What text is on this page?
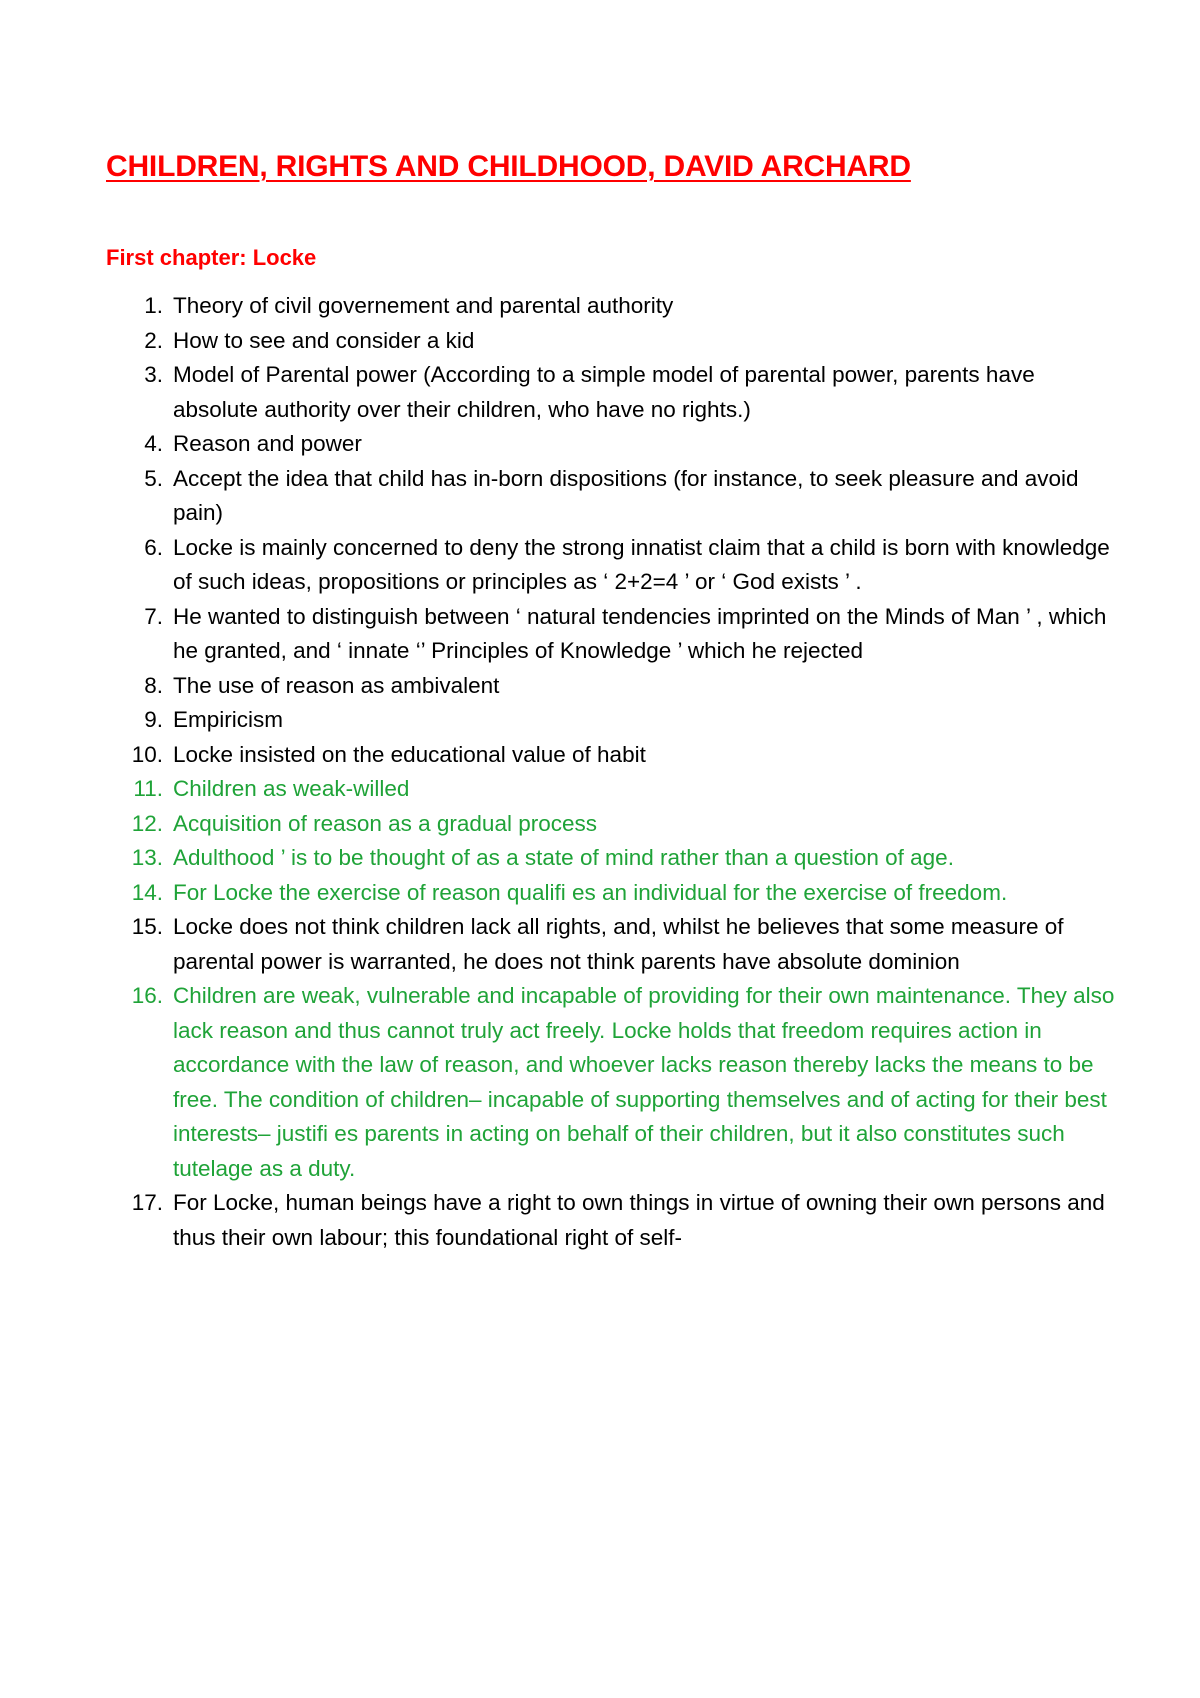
CHILDREN, RIGHTS AND CHILDHOOD, DAVID ARCHARD
First chapter: Locke
1. Theory of civil governement and parental authority
2. How to see and consider a kid
3. Model of Parental power (According to a simple model of parental power, parents have absolute authority over their children, who have no rights.)
4. Reason and power
5. Accept the idea that child has in-born dispositions (for instance, to seek pleasure and avoid pain)
6. Locke is mainly concerned to deny the strong innatist claim that a child is born with knowledge of such ideas, propositions or principles as ‘ 2+2=4 ’ or ‘ God exists ’ .
7. He wanted to distinguish between ‘ natural tendencies imprinted on the Minds of Man ’ , which he granted, and ‘ innate ‘’ Principles of Knowledge ’ which he rejected
8. The use of reason as ambivalent
9. Empiricism
10. Locke insisted on the educational value of habit
11. Children as weak-willed
12. Acquisition of reason as a gradual process
13. Adulthood ’ is to be thought of as a state of mind rather than a question of age.
14. For Locke the exercise of reason qualifi es an individual for the exercise of freedom.
15. Locke does not think children lack all rights, and, whilst he believes that some measure of parental power is warranted, he does not think parents have absolute dominion
16. Children are weak, vulnerable and incapable of providing for their own maintenance. They also lack reason and thus cannot truly act freely. Locke holds that freedom requires action in accordance with the law of reason, and whoever lacks reason thereby lacks the means to be free. The condition of children– incapable of supporting themselves and of acting for their best interests– justifi es parents in acting on behalf of their children, but it also constitutes such tutelage as a duty.
17. For Locke, human beings have a right to own things in virtue of owning their own persons and thus their own labour; this foundational right of self-
